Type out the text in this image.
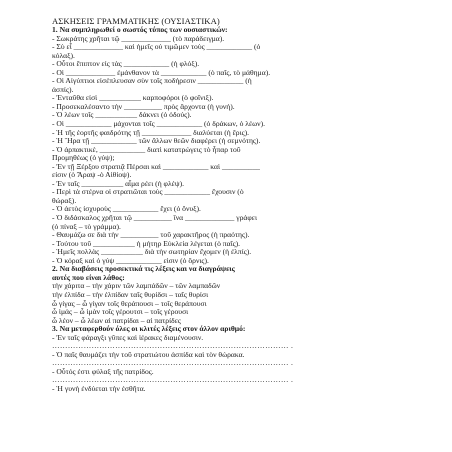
ΑΣΚΗΣΕΙΣ ΓΡΑΜΜΑΤΙΚΗΣ (ΟΥΣΙΑΣΤΙΚΑ)
1. Να συμπληρωθεί ο σωστός τύπος των ουσιαστικών:
- Σωκράτης χρῆται τῷ _____________ (τὸ παράδειγμα).
- Σὺ εἶ _____________ καὶ ἡμεῖς οὐ τιμῶμεν τοὺς ____________ (ὁ
κόλαξ).
- Οὗτοι ἔπιπτον εἰς τὰς ____________ (ἡ φλόξ).
- Οἱ _____________ ἐμάνθανον τὰ ____________ (ὁ παῖς, τὸ μάθημα).
- Οἱ Αἰγύπτιοι εἰσέπλευσαν σὺν τοῖς ποδήρεσιν ____________ (ἡ
ἀσπίς).
- Ἐνταῦθα εἰσὶ ___________ καρποφόροι (ὁ φοῖνιξ).
- Προσεκαλέσαντο τὴν __________ πρὸς ἄρχοντα (ἡ γυνή).
- Ὁ λέων τοῖς ___________ δάκνει (ὁ ὀδούς).
- Οἱ ____________ μάχονται τοῖς ____________ (ὁ δράκων, ὁ λέων).
- Ἡ τῆς ἑορτῆς φαιδρότης τῇ _____________ διαλύεται (ἡ ἔρις).
- Ἡ Ἥρα τῇ ____________ τῶν ἄλλων θεῶν διαφέρει (ἡ σεμνότης).
- Ὁ ἀρπακτικὲ, ____________ διατὶ κατατρώγεις τὸ ἧπαρ τοῦ
Προμηθέως (ὁ γύψ);
- Ἐν τῇ Ξέρξου στρατιᾷ Πέρσαι καὶ ____________ καὶ __________
εἰσιν (ὁ Ἄραψ -ὁ Αἰθίοψ).
- Ἐν ταῖς ___________ αἷμα ρέει (ἡ φλέψ).
- Περὶ τὰ στέρνα οἱ στρατιῶται τοὺς ____________ ἔχουσιν (ὁ
θώραξ).
- Ὁ ἀετὸς ἰσχυροὺς ____________ ἔχει (ὁ ὄνυξ).
- Ὁ διδάσκαλος χρῆται τῷ __________ ἵνα _____________ γράφει
(ὁ πίναξ – τὸ γράμμα).
- Θαυμάζω σε διὰ τὴν __________ τοῦ χαρακτῆρος (ἡ πραότης).
- Τούτου τοῦ ___________ ἡ μήτηρ Εὐκλεία λέγεται (ὁ παῖς).
- Ἡμεῖς πολλὰς ___________ διὰ τὴν σωτηρίαν ἔχομεν (ἡ ἐλπίς).
- Ὁ κόραξ καὶ ὁ γύψ ____________ εἰσιν (ὁ ὄρνις).
2. Να διαβάσεις προσεκτικά τις λέξεις και να διαγράψεις
αυτές που είναι λάθος:
τὴν χάριτα – τὴν χάριν τῶν λαμπάδῶν – τῶν λαμπαδῶν
τὴν ἐλπίδα – τὴν ἐλπίδαν ταῖς θυρίδσι – ταῖς θυρίσι
ὦ γίγας – ὦ γίγαν τοῖς θεράπουσι – τοῖς θεράπουσι
ὦ ἱμάς – ὦ ἱμὰν τοῖς γέρουτσι – τοῖς γέρουσι
ὦ λέον – ὦ λέων αἱ πατρίδαι – αἱ πατρίδες
3. Να μεταφερθούν όλες οι κλιτές λέξεις στον άλλον αριθμό:
- Ἐν ταῖς φάραγξι γῦπες καὶ ἱέρακες διαμένουσιν.
……………………………………………………………………………… .
- Ὁ παῖς θαυμάζει τὴν τοῦ στρατιώτου ἀσπίδα καὶ τὸν θώρακα.
……………………………………………………………………………… .
- Οὗτός ἐστι φύλαξ τῆς πατρίδος.
……………………………………………………………………………… .
- Ἡ γυνὴ ἐνδύεται τὴν ἐσθῆτα.
